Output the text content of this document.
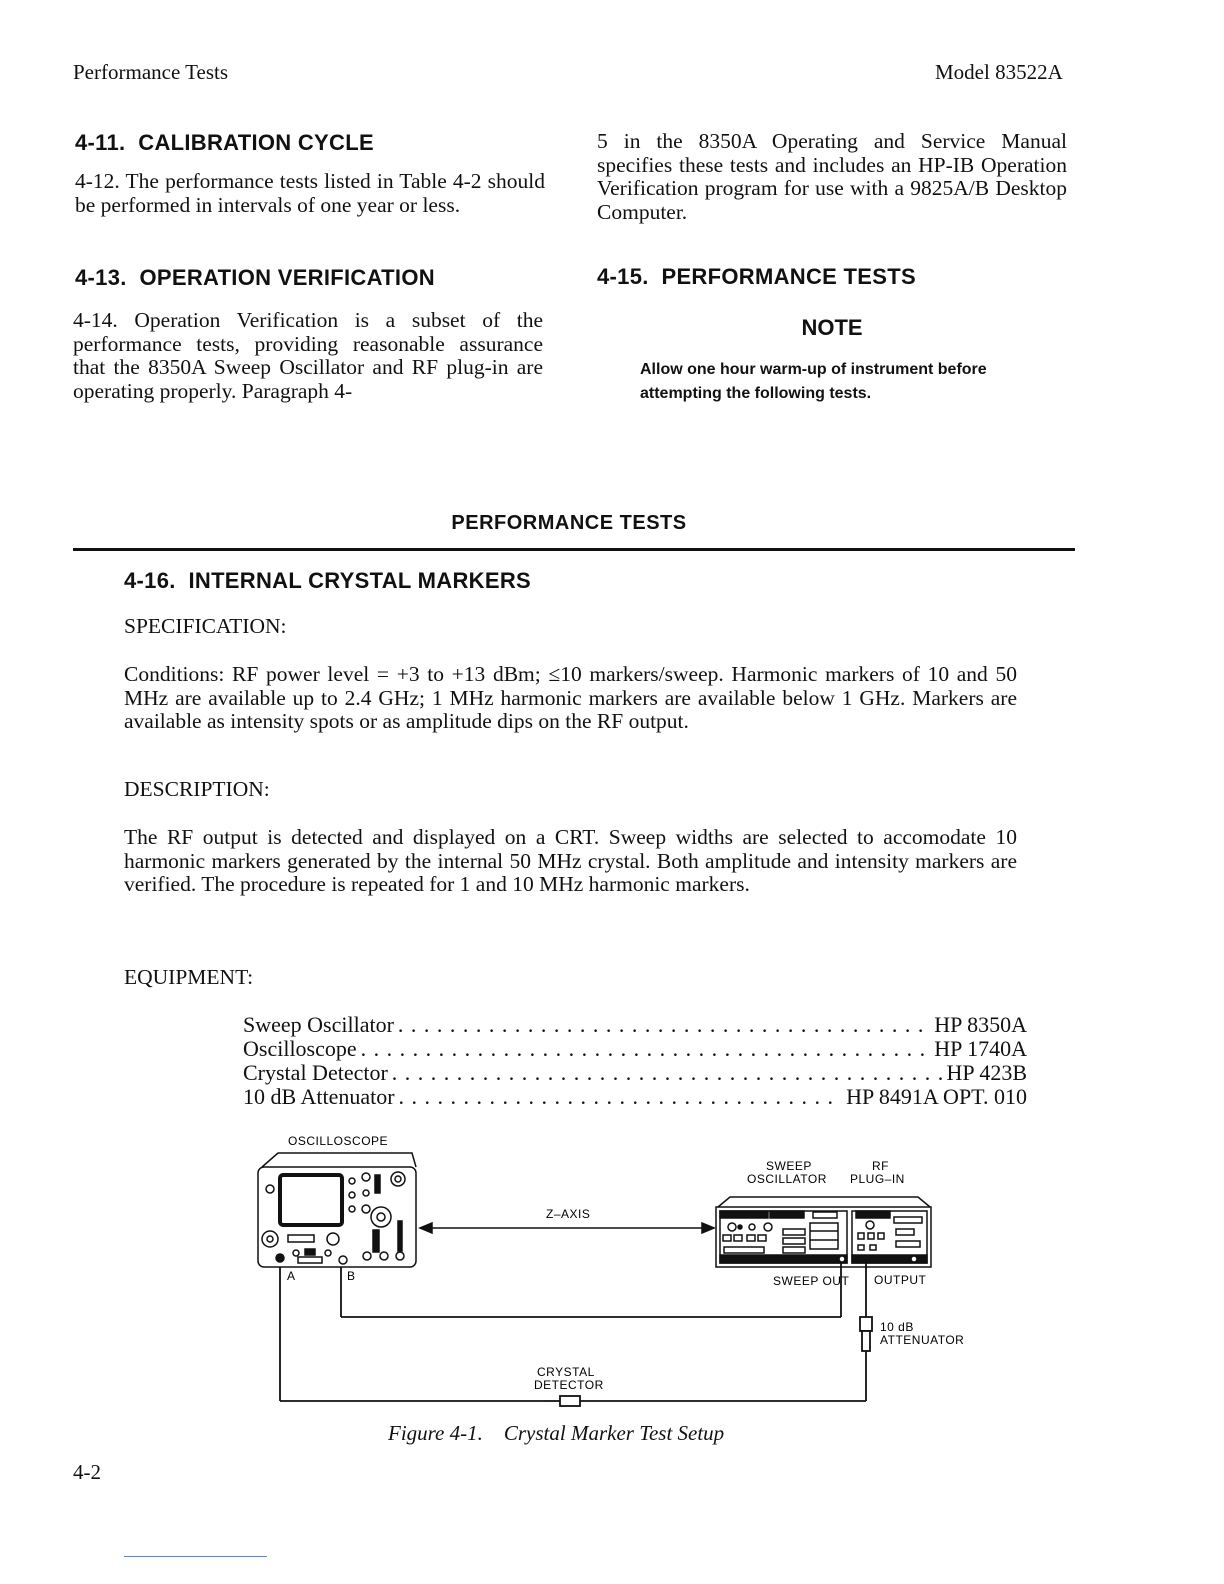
Performance Tests	Model 83522A
4-11.  CALIBRATION CYCLE
4-12. The performance tests listed in Table 4-2 should be performed in intervals of one year or less.
4-13.  OPERATION VERIFICATION
4-14. Operation Verification is a subset of the performance tests, providing reasonable assurance that the 8350A Sweep Oscillator and RF plug-in are operating properly. Paragraph 4-
5 in the 8350A Operating and Service Manual specifies these tests and includes an HP-IB Operation Verification program for use with a 9825A/B Desktop Computer.
4-15.  PERFORMANCE TESTS
NOTE
Allow one hour warm-up of instrument before attempting the following tests.
PERFORMANCE TESTS
4-16.  INTERNAL CRYSTAL MARKERS
SPECIFICATION:
Conditions: RF power level = +3 to +13 dBm; ≤10 markers/sweep. Harmonic markers of 10 and 50 MHz are available up to 2.4 GHz; 1 MHz harmonic markers are available below 1 GHz. Markers are available as intensity spots or as amplitude dips on the RF output.
DESCRIPTION:
The RF output is detected and displayed on a CRT. Sweep widths are selected to accomodate 10 harmonic markers generated by the internal 50 MHz crystal. Both amplitude and intensity markers are verified. The procedure is repeated for 1 and 10 MHz harmonic markers.
EQUIPMENT:
Sweep Oscillator . . .	HP 8350A
Oscilloscope . . .	HP 1740A
Crystal Detector . . .	HP 423B
10 dB Attenuator . . .	HP 8491A OPT. 010
OSCILLOSCOPE
A	B
SWEEP
OSCILLATOR
RF
PLUG–IN
Z–AXIS
SWEEP OUT OUTPUT
10 dB
ATTENUATOR
CRYSTAL
DETECTOR
Figure 4-1. Crystal Marker Test Setup
4-2
